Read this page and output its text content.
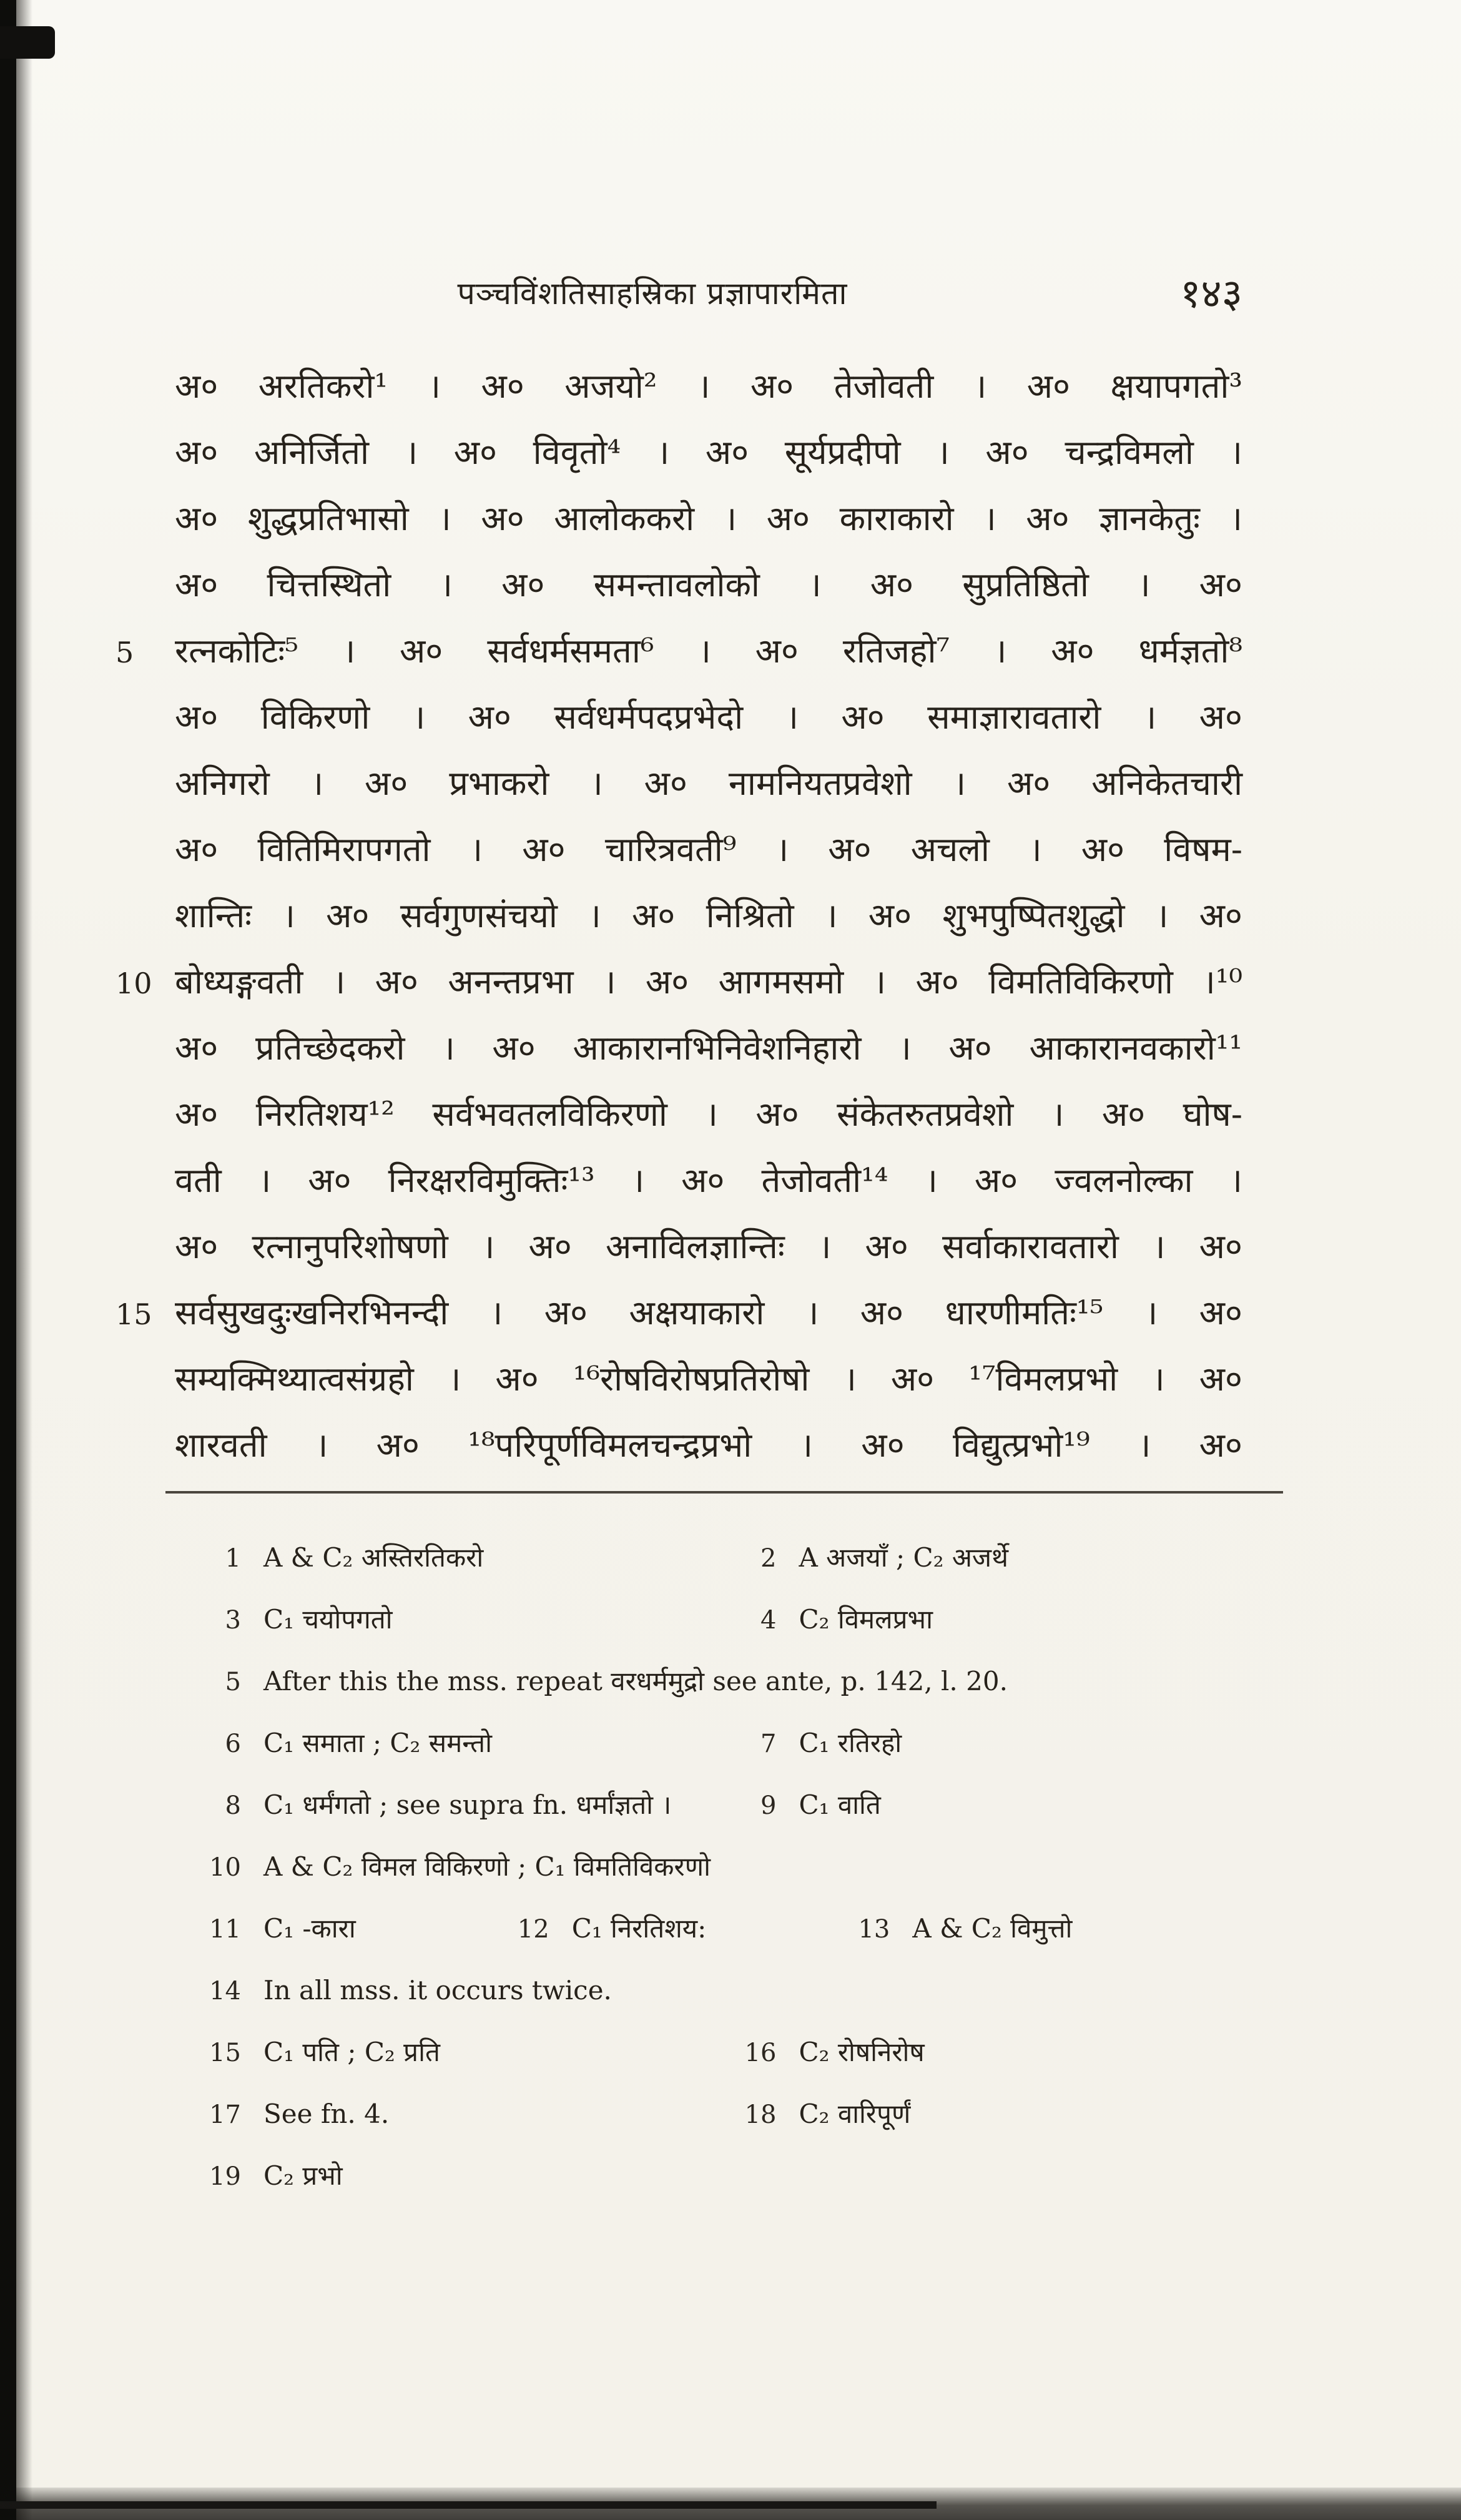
पञ्चविंशतिसाहस्रिका प्रज्ञापारमिता	१४३
अ० अरतिकरो¹ । अ० अजयो² । अ० तेजोवती । अ० क्षयापगतो³
अ० अनिर्जितो । अ० विवृतो⁴ । अ० सूर्यप्रदीपो । अ० चन्द्रविमलो ।
अ० शुद्धप्रतिभासो । अ० आलोककरो । अ० काराकारो । अ० ज्ञानकेतुः ।
अ० चित्तस्थितो । अ० समन्तावलोको । अ० सुप्रतिष्ठितो । अ०
5	रत्नकोटिः⁵ । अ० सर्वधर्मसमता⁶ । अ० रतिजहो⁷ । अ० धर्मज्ञतो⁸
अ० विकिरणो । अ० सर्वधर्मपदप्रभेदो । अ० समाज्ञारावतारो । अ०
अनिगरो । अ० प्रभाकरो । अ० नामनियतप्रवेशो । अ० अनिकेतचारी
अ० वितिमिरापगतो । अ० चारित्रवती⁹ । अ० अचलो । अ० विषम-
शान्तिः । अ० सर्वगुणसंचयो । अ० निश्रितो । अ० शुभपुष्पितशुद्धो । अ०
10 बोध्यङ्गवती । अ० अनन्तप्रभा । अ० आगमसमो । अ० विमतिविकिरणो ।¹⁰
अ० प्रतिच्छेदकरो । अ० आकारानभिनिवेशनिहारो । अ० आकारानवकारो¹¹
अ० निरतिशय¹² सर्वभवतलविकिरणो । अ० संकेतरुतप्रवेशो । अ० घोष-
वती । अ० निरक्षरविमुक्तिः¹³ । अ० तेजोवती¹⁴ । अ० ज्वलनोल्का ।
अ० रत्नानुपरिशोषणो । अ० अनाविलज्ञान्तिः । अ० सर्वाकारावतारो । अ०
15 सर्वसुखदुःखनिरभिनन्दी । अ० अक्षयाकारो । अ० धारणीमतिः¹⁵ । अ०
सम्यक्मिथ्यात्वसंग्रहो । अ० ¹⁶रोषविरोषप्रतिरोषो । अ० ¹⁷विमलप्रभो । अ०
शारवती । अ० ¹⁸परिपूर्णविमलचन्द्रप्रभो । अ० विद्युत्प्रभो¹⁹ । अ०
1 A & C₂ अस्तिरतिकरो	2 A अजयाँ ; C₂ अजर्थे
3 C₁ चयोपगतो	4 C₂ विमलप्रभा
5 After this the mss. repeat वरधर्ममुद्रो see ante, p. 142, l. 20.
6 C₁ समाता ; C₂ समन्तो	7 C₁ रतिरहो
8 C₁ धर्मंगतो ; see supra fn. धर्मांज्ञतो ।	9 C₁ वाति
10 A & C₂ विमल विकिरणो ; C₁ विमतिविकरणो
11 C₁ -कारा	12 C₁ निरतिशय:	13 A & C₂ विमुत्तो
14 In all mss. it occurs twice.
15 C₁ पति ; C₂ प्रति	16 C₂ रोषनिरोष
17 See fn. 4.	18 C₂ वारिपूर्णं
19 C₂ प्रभो
